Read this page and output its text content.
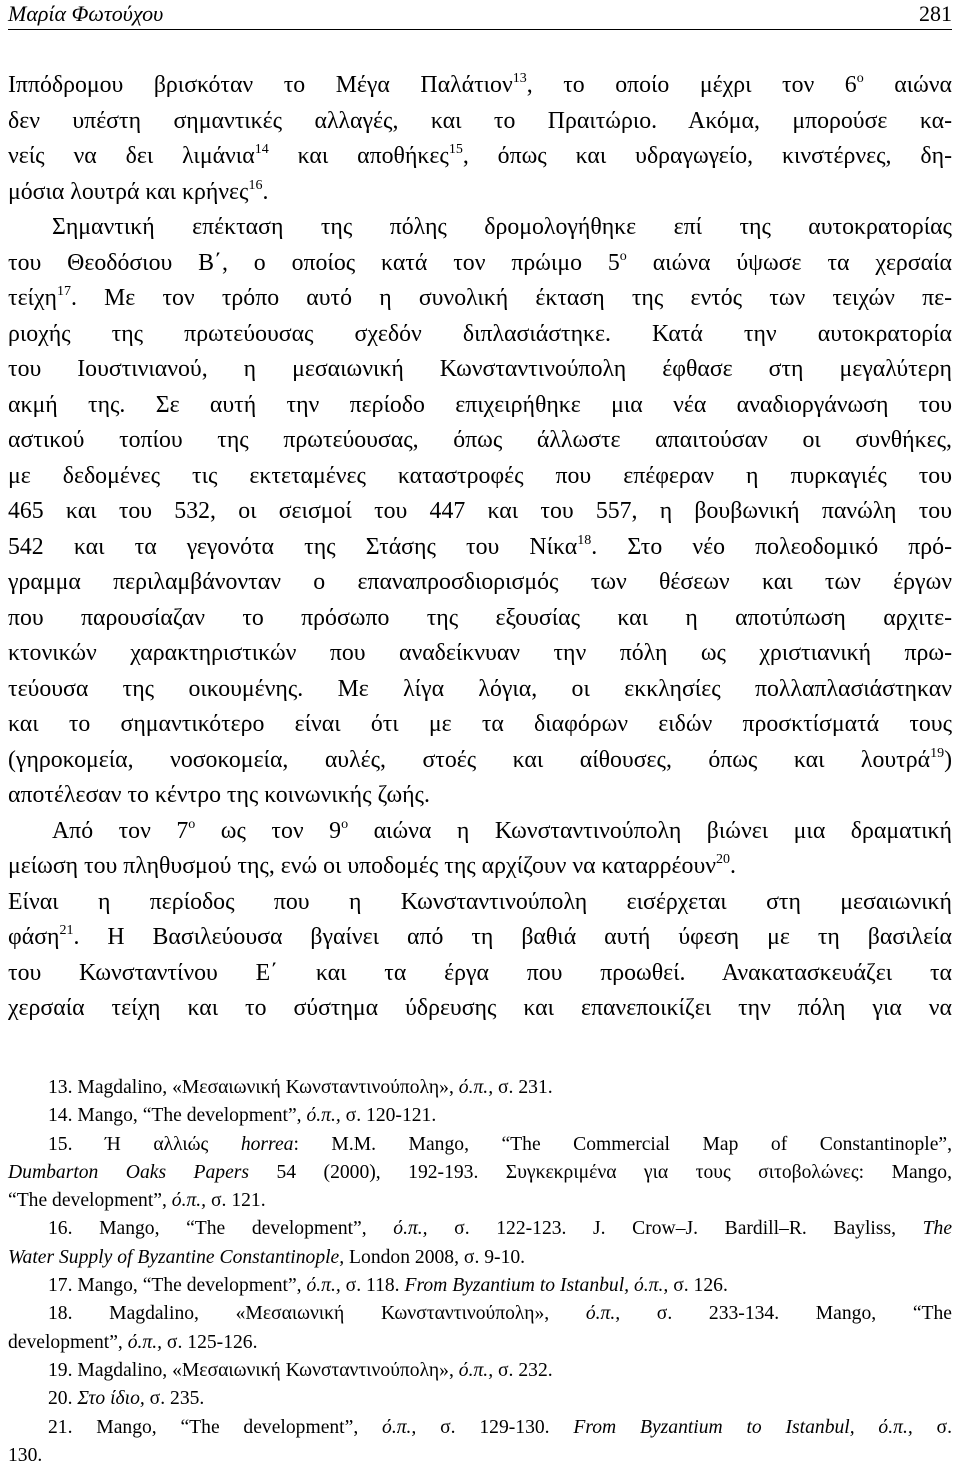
Μαρία Φωτούχου	281
Ιππόδρομου βρισκόταν το Μέγα Παλάτιον$^{13}$, το οποίο μέχρι τον $6^o$ αιώνα
δεν υπέστη σημαντικές αλλαγές, και το Πραιτώριο. Ακόμα, μπορούσε κα-
νείς να δει λιμάνια$^{14}$ και αποθήκες$^{15}$, όπως και υδραγωγείο, κινστέρνες, δη-
μόσια λουτρά και κρήνες$^{16}$.
Σημαντική επέκταση της πόλης δρομολογήθηκε επί της αυτοκρατορίας
του Θεοδόσιου Β΄, ο οποίος κατά τον πρώιμο $5^o$ αιώνα ύψωσε τα χερσαία
τείχη$^{17}$. Με τον τρόπο αυτό η συνολική έκταση της εντός των τειχών πε-
ριοχής της πρωτεύουσας σχεδόν διπλασιάστηκε. Κατά την αυτοκρατορία
του Ιουστινιανού, η μεσαιωνική Κωνσταντινούπολη έφθασε στη μεγαλύτερη
ακμή της. Σε αυτή την περίοδο επιχειρήθηκε μια νέα αναδιοργάνωση του
αστικού τοπίου της πρωτεύουσας, όπως άλλωστε απαιτούσαν οι συνθήκες,
με δεδομένες τις εκτεταμένες καταστροφές που επέφεραν η πυρκαγιές του
465 και του 532, οι σεισμοί του 447 και του 557, η βουβωνική πανώλη του
542 και τα γεγονότα της Στάσης του Νίκα$^{18}$. Στο νέο πολεοδομικό πρό-
γραμμα περιλαμβάνονταν ο επαναπροσδιορισμός των θέσεων και των έργων
που παρουσίαζαν το πρόσωπο της εξουσίας και η αποτύπωση αρχιτε-
κτονικών χαρακτηριστικών που αναδείκνυαν την πόλη ως χριστιανική πρω-
τεύουσα της οικουμένης. Με λίγα λόγια, οι εκκλησίες πολλαπλασιάστηκαν
και το σημαντικότερο είναι ότι με τα διαφόρων ειδών προσκτίσματά τους
(γηροκομεία, νοσοκομεία, αυλές, στοές και αίθουσες, όπως και λουτρά$^{19}$)
αποτέλεσαν το κέντρο της κοινωνικής ζωής.
Από τον $7^o$ ως τον $9^o$ αιώνα η Κωνσταντινούπολη βιώνει μια δραματική
μείωση του πληθυσμού της, ενώ οι υποδομές της αρχίζουν να καταρρέουν$^{20}$.
Είναι η περίοδος που η Κωνσταντινούπολη εισέρχεται στη μεσαιωνική
φάση$^{21}$. Η Βασιλεύουσα βγαίνει από τη βαθιά αυτή ύφεση με τη βασιλεία
του Κωνσταντίνου Ε΄ και τα έργα που προωθεί. Ανακατασκευάζει τα
χερσαία τείχη και το σύστημα ύδρευσης και επανεποικίζει την πόλη για να
13. Magdalino, «Μεσαιωνική Κωνσταντινούπολη», ό.π., σ. 231.
14. Mango, “The development”, ό.π., σ. 120-121.
15. Ή αλλιώς horrea: M.M. Mango, “The Commercial Map of Constantinople”,
Dumbarton Oaks Papers 54 (2000), 192-193. Συγκεκριμένα για τους σιτοβολώνες: Mango,
“The development”, ό.π., σ. 121.
16. Mango, “The development”, ό.π., σ. 122-123. J. Crow–J. Bardill–R. Bayliss, The
Water Supply of Byzantine Constantinople, London 2008, σ. 9-10.
17. Mango, “The development”, ό.π., σ. 118. From Byzantium to Istanbul, ό.π., σ. 126.
18. Magdalino, «Μεσαιωνική Κωνσταντινούπολη», ό.π., σ. 233-134. Mango, “The
development”, ό.π., σ. 125-126.
19. Magdalino, «Μεσαιωνική Κωνσταντινούπολη», ό.π., σ. 232.
20. Στο ίδιο, σ. 235.
21. Mango, “The development”, ό.π., σ. 129-130. From Byzantium to Istanbul, ό.π., σ.
130.
